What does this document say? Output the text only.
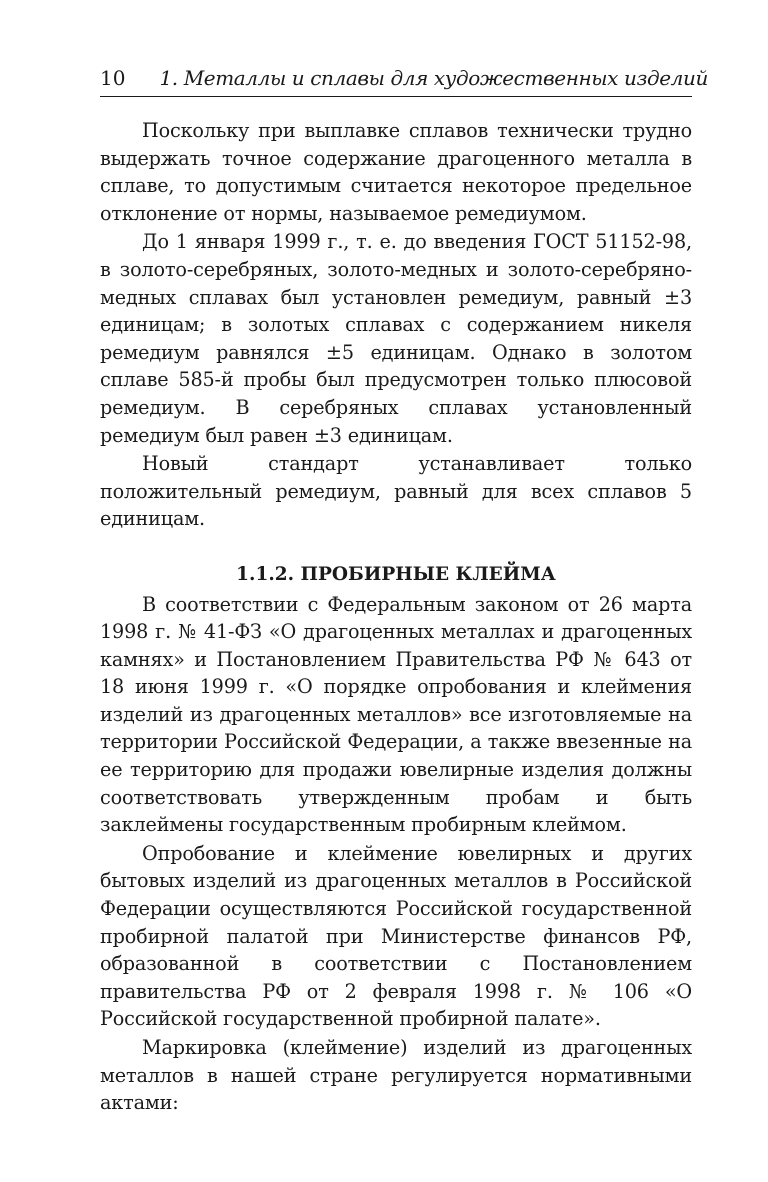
10 1. Металлы и сплавы для художественных изделий

Поскольку при выплавке сплавов технически трудно выдержать точное содержание драгоценного металла в сплаве, то допустимым считается некоторое предельное отклонение от нормы, называемое ремедиумом.

До 1 января 1999 г., т. е. до введения ГОСТ 51152-98, в золото-серебряных, золото-медных и золото-серебряно-медных сплавах был установлен ремедиум, равный ±3 единицам; в золотых сплавах с содержанием никеля ремедиум равнялся ±5 единицам. Однако в золотом сплаве 585-й пробы был предусмотрен только плюсовой ремедиум. В серебряных сплавах установленный ремедиум был равен ±3 единицам.

Новый стандарт устанавливает только положительный ремедиум, равный для всех сплавов 5 единицам.

1.1.2. ПРОБИРНЫЕ КЛЕЙМА

В соответствии с Федеральным законом от 26 марта 1998 г. № 41-ФЗ «О драгоценных металлах и драгоценных камнях» и Постановлением Правительства РФ № 643 от 18 июня 1999 г. «О порядке опробования и клеймения изделий из драгоценных металлов» все изготовляемые на территории Российской Федерации, а также ввезенные на ее территорию для продажи ювелирные изделия должны соответствовать утвержденным пробам и быть заклеймены государственным пробирным клеймом.

Опробование и клеймение ювелирных и других бытовых изделий из драгоценных металлов в Российской Федерации осуществляются Российской государственной пробирной палатой при Министерстве финансов РФ, образованной в соответствии с Постановлением правительства РФ от 2 февраля 1998 г. № 106 «О Российской государственной пробирной палате».

Маркировка (клеймение) изделий из драгоценных металлов в нашей стране регулируется нормативными актами:
